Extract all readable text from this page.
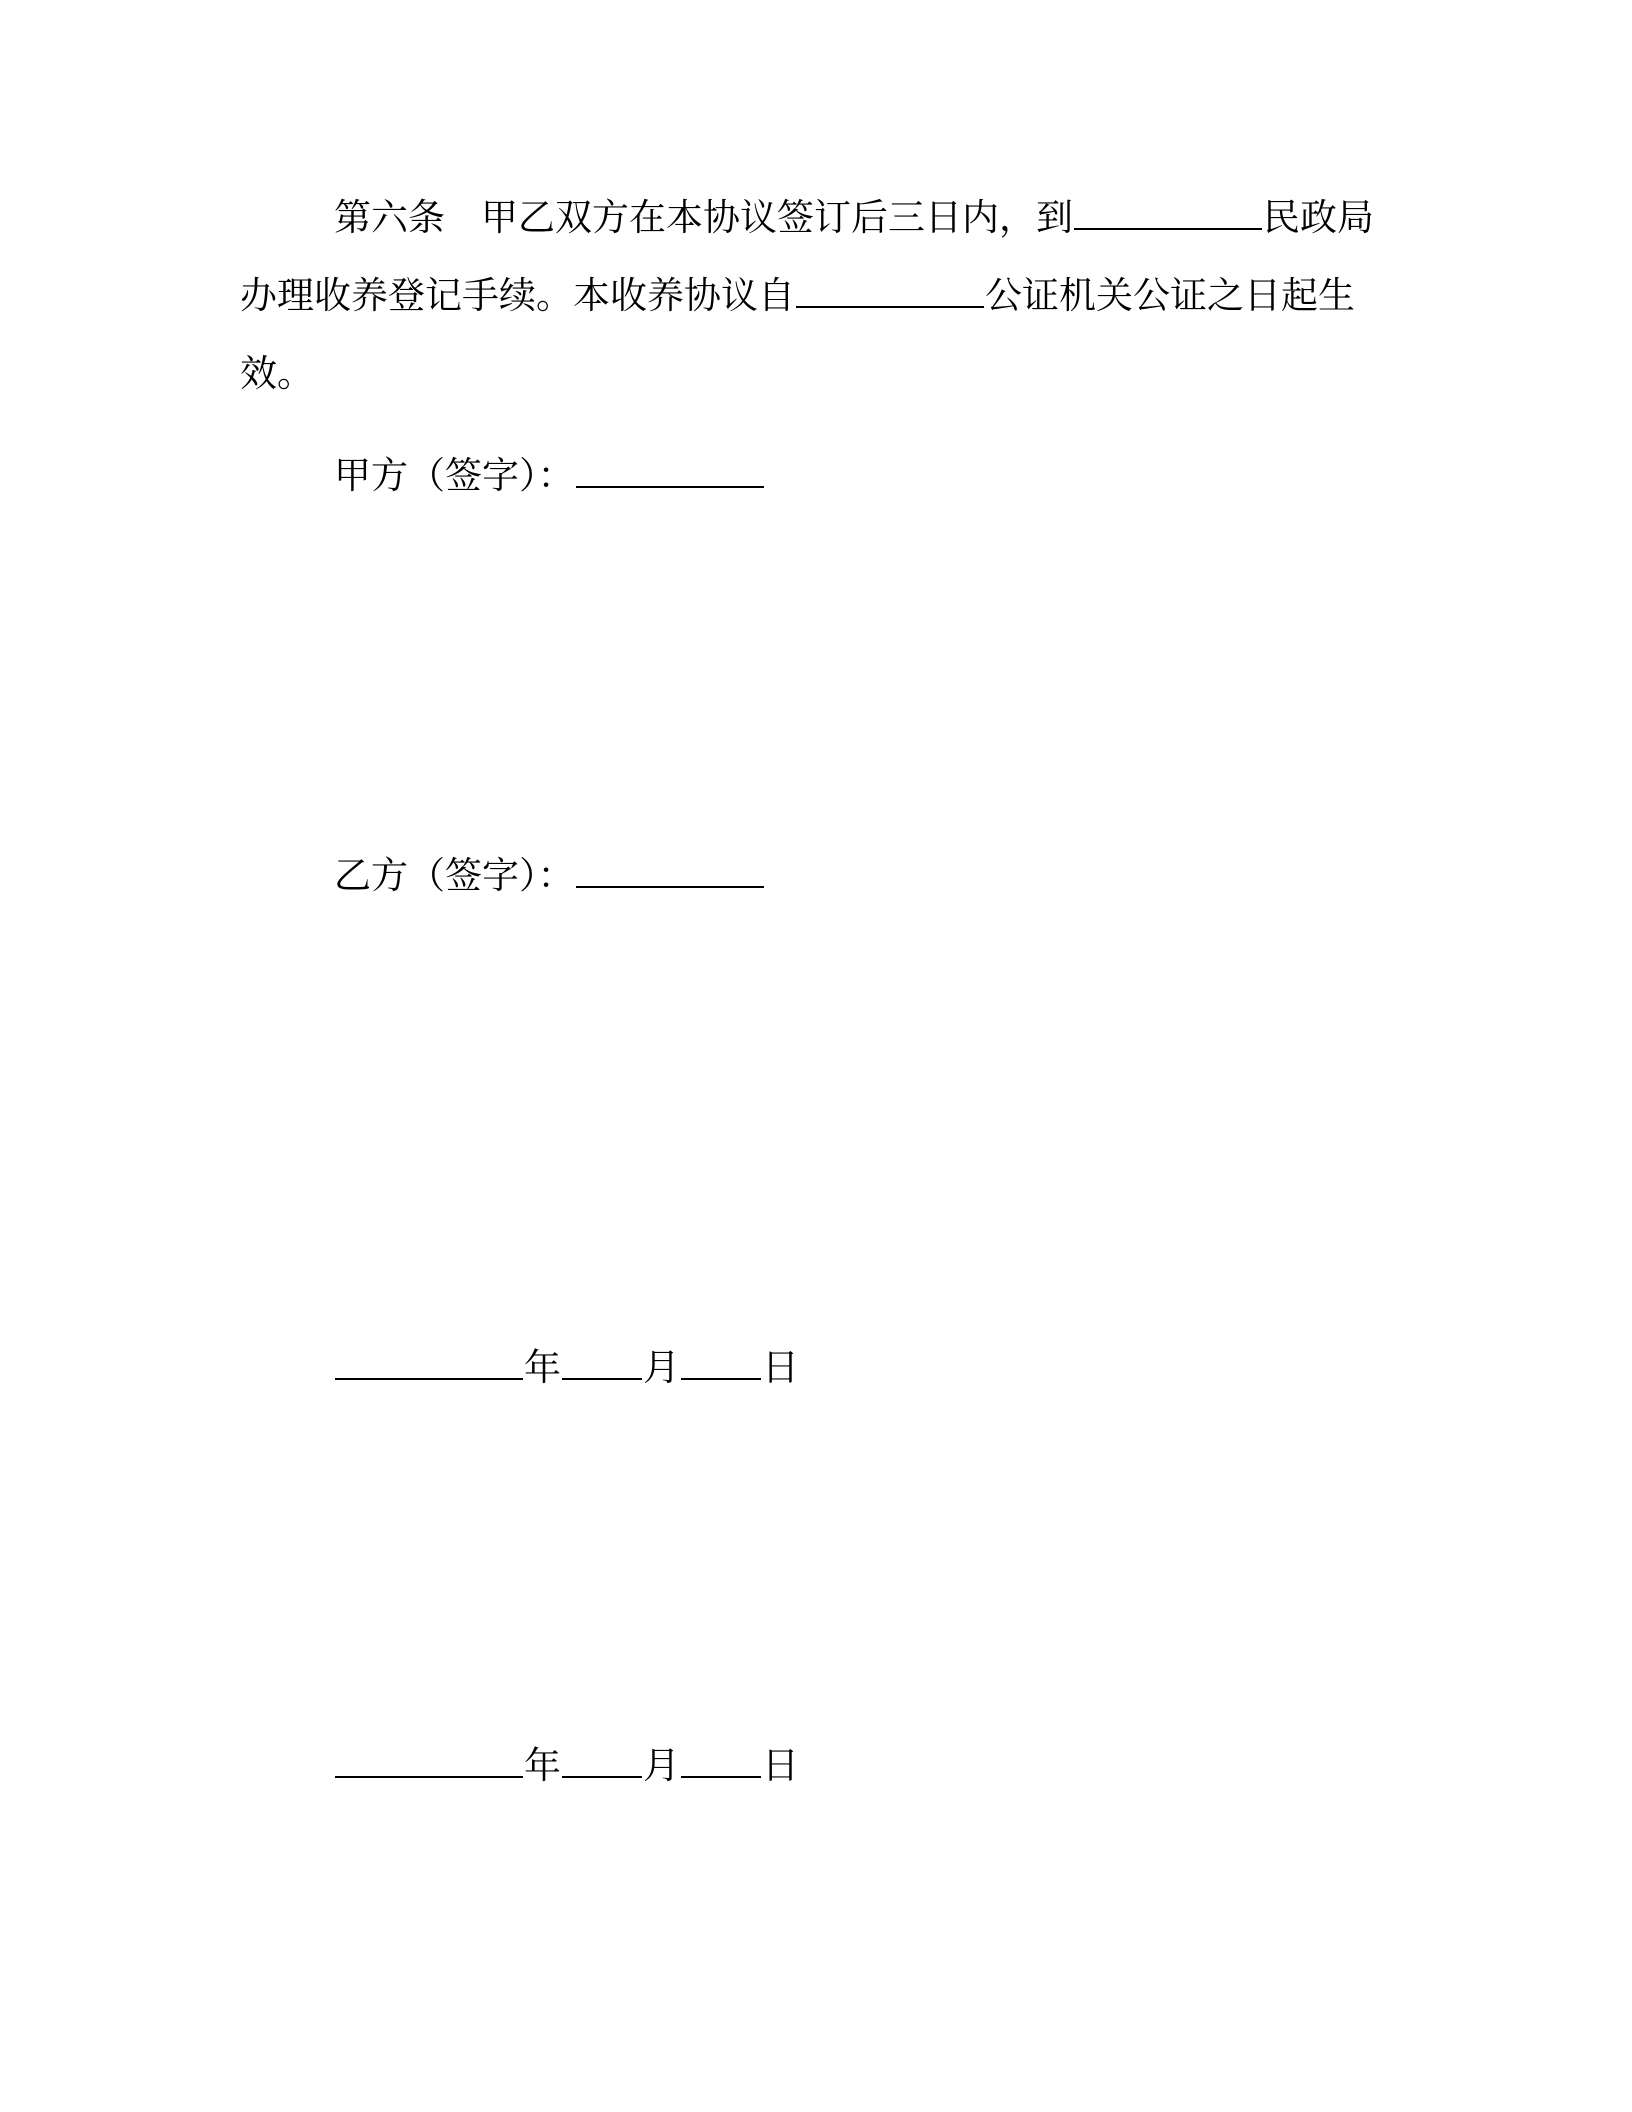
第六条 甲乙双方在本协议签订后三日内，到	民政局
办理收养登记手续。本收养协议自	公证机关公证之日起生
效。
甲方（签字）：
乙方（签字）：
年 月 日
年 月 日
